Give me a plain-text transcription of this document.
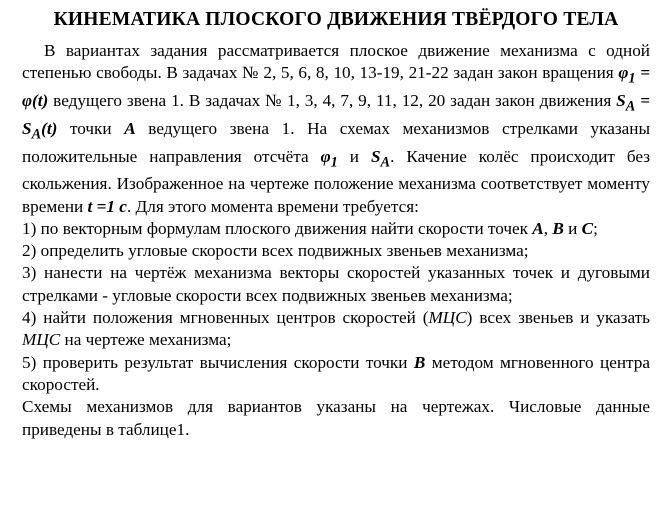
КИНЕМАТИКА ПЛОСКОГО ДВИЖЕНИЯ ТВЁРДОГО ТЕЛА

В вариантах задания рассматривается плоское движение механизма с одной степенью свободы. В задачах № 2, 5, 6, 8, 10, 13-19, 21-22 задан закон вращения $\varphi_1 = \varphi(t)$ ведущего звена 1. В задачах № 1, 3, 4, 7, 9, 11, 12, 20 задан закон движения $S_A = S_A(t)$ точки A ведущего звена 1. На схемах механизмов стрелками указаны положительные направления отсчёта $\varphi_1$ и $S_A$. Качение колёс происходит без скольжения. Изображенное на чертеже положение механизма соответствует моменту времени t =1 с. Для этого момента времени требуется:

1) по векторным формулам плоского движения найти скорости точек A, B и C;

2) определить угловые скорости всех подвижных звеньев механизма;

3) нанести на чертёж механизма векторы скоростей указанных точек и дуговыми стрелками - угловые скорости всех подвижных звеньев механизма;

4) найти положения мгновенных центров скоростей (МЦС) всех звеньев и указать МЦС на чертеже механизма;

5) проверить результат вычисления скорости точки B методом мгновенного центра скоростей.

Схемы механизмов для вариантов указаны на чертежах. Числовые данные приведены в таблице1.
